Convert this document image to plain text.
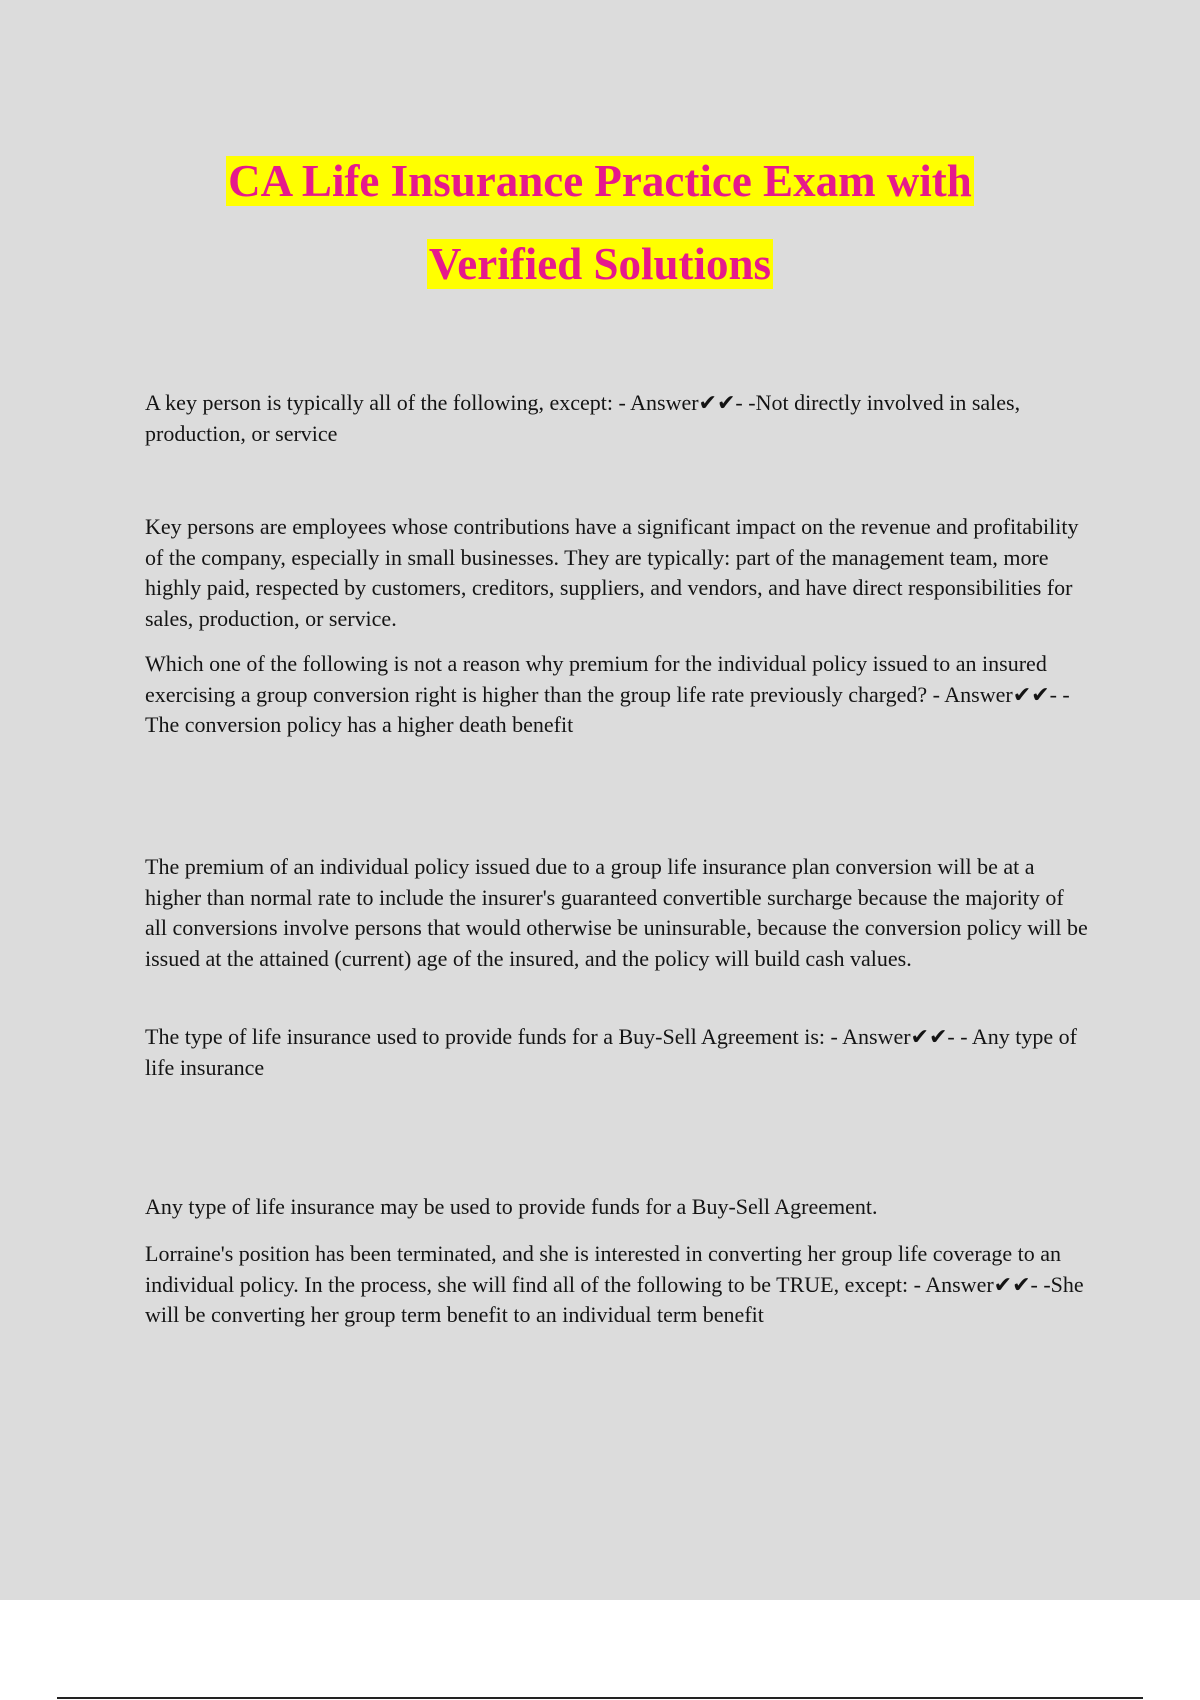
CA Life Insurance Practice Exam with
Verified Solutions

A key person is typically all of the following, except: - Answer✔✔- -Not directly involved in sales, production, or service

Key persons are employees whose contributions have a significant impact on the revenue and profitability of the company, especially in small businesses. They are typically: part of the management team, more highly paid, respected by customers, creditors, suppliers, and vendors, and have direct responsibilities for sales, production, or service.

Which one of the following is not a reason why premium for the individual policy issued to an insured exercising a group conversion right is higher than the group life rate previously charged? - Answer✔✔- -The conversion policy has a higher death benefit

The premium of an individual policy issued due to a group life insurance plan conversion will be at a higher than normal rate to include the insurer's guaranteed convertible surcharge because the majority of all conversions involve persons that would otherwise be uninsurable, because the conversion policy will be issued at the attained (current) age of the insured, and the policy will build cash values.

The type of life insurance used to provide funds for a Buy-Sell Agreement is: - Answer✔✔- - Any type of life insurance

Any type of life insurance may be used to provide funds for a Buy-Sell Agreement.

Lorraine's position has been terminated, and she is interested in converting her group life coverage to an individual policy. In the process, she will find all of the following to be TRUE, except: - Answer✔✔- -She will be converting her group term benefit to an individual term benefit
